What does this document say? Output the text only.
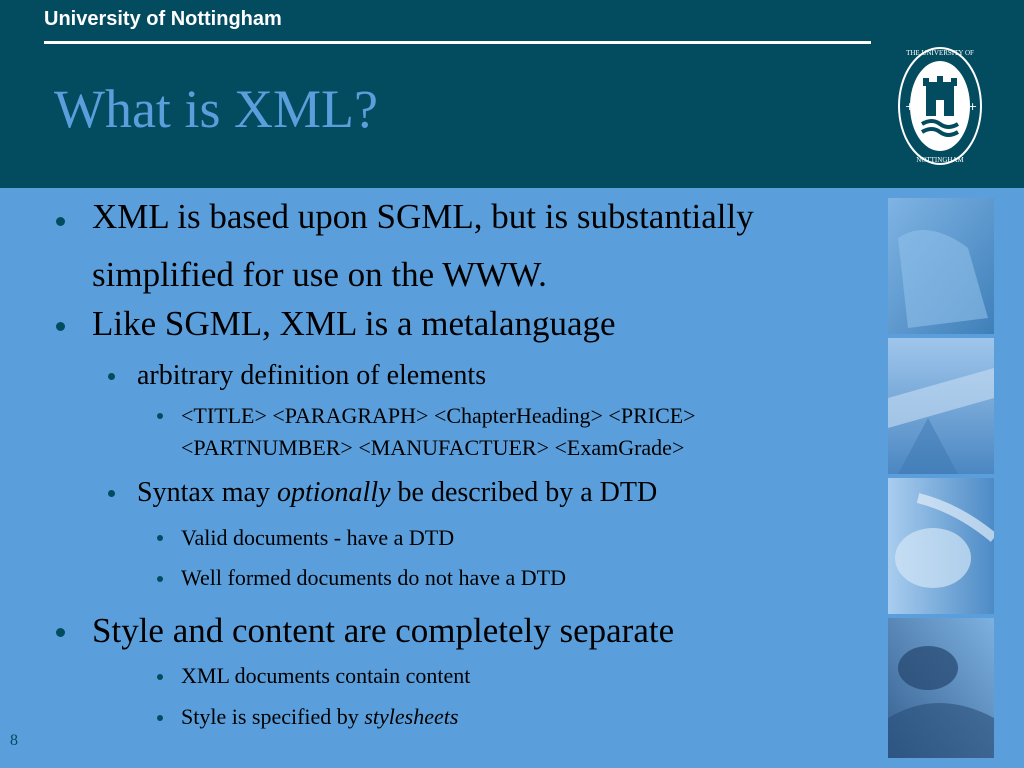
University of Nottingham
What is XML?	+	+
THE UNIVERSITY OF
NOTTINGHAM
XML is based upon SGML, but is substantially simplified for use on the WWW.
Like SGML, XML is a metalanguage
arbitrary definition of elements
<TITLE> <PARAGRAPH> <ChapterHeading> <PRICE> <PARTNUMBER> <MANUFACTUER> <ExamGrade>
Syntax may optionally be described by a DTD
Valid documents - have a DTD
Well formed documents do not have a DTD
Style and content are completely separate
XML documents contain content
Style is specified by stylesheets
8
